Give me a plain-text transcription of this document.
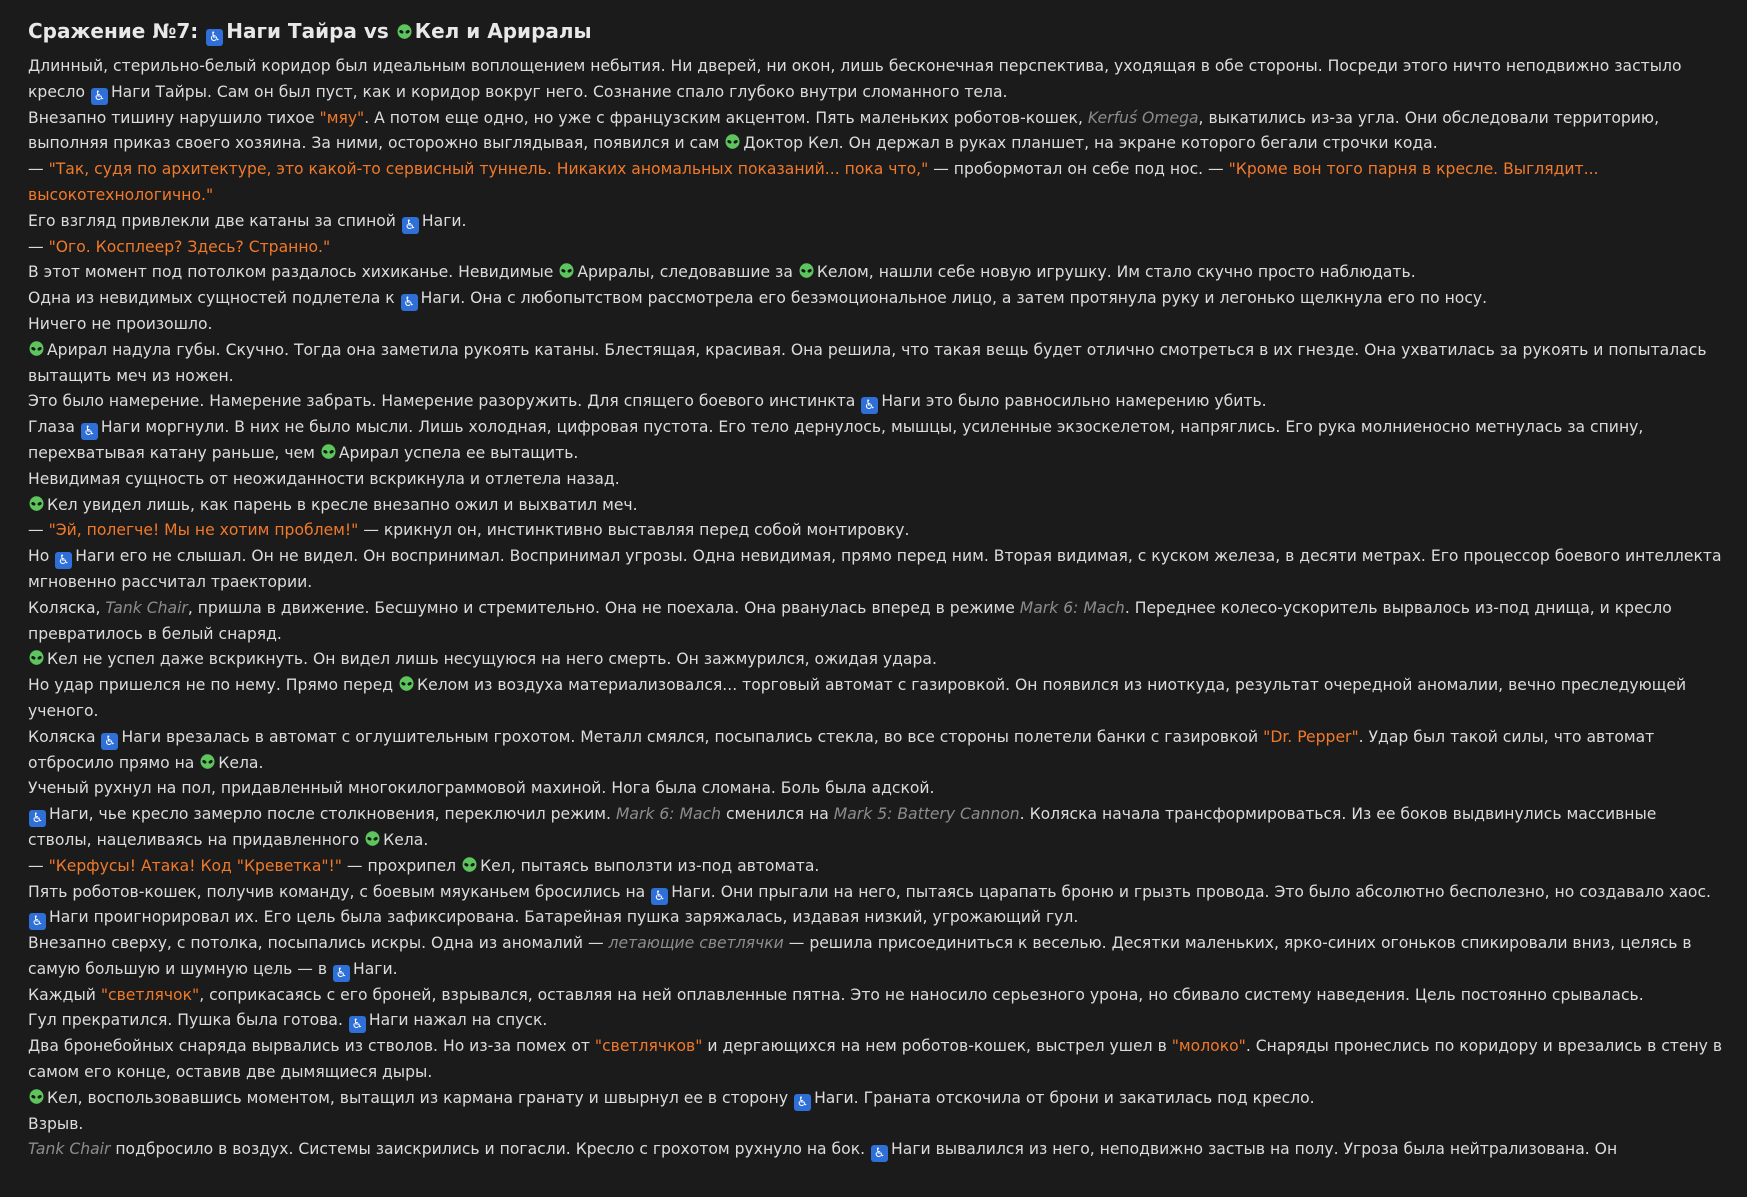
Сражение №7: ♿ Наги Тайра vs
Кел и Ариралы

Длинный, стерильно-белый коридор был идеальным воплощением небытия. Ни дверей, ни окон, лишь бесконечная перспектива, уходящая в обе стороны. Посреди этого ничто неподвижно застыло кресло ♿ Наги Тайры. Сам он был пуст, как и коридор вокруг него. Сознание спало глубоко внутри сломанного тела.

Внезапно тишину нарушило тихое "мяу". А потом еще одно, но уже с французским акцентом. Пять маленьких роботов-кошек, Kerfuś Omega, выкатились из-за угла. Они обследовали территорию, выполняя приказ своего хозяина. За ними, осторожно выглядывая, появился и сам
Доктор Кел. Он держал в руках планшет, на экране которого бегали строчки кода.

— "Так, судя по архитектуре, это какой-то сервисный туннель. Никаких аномальных показаний... пока что," — пробормотал он себе под нос. — "Кроме вон того парня в кресле. Выглядит... высокотехнологично."

Его взгляд привлекли две катаны за спиной ♿ Наги.

— "Ого. Косплеер? Здесь? Странно."

В этот момент под потолком раздалось хихиканье. Невидимые
Ариралы, следовавшие за
Келом, нашли себе новую игрушку. Им стало скучно просто наблюдать.

Одна из невидимых сущностей подлетела к ♿ Наги. Она с любопытством рассмотрела его безэмоциональное лицо, а затем протянула руку и легонько щелкнула его по носу.

Ничего не произошло.

Арирал надула губы. Скучно. Тогда она заметила рукоять катаны. Блестящая, красивая. Она решила, что такая вещь будет отлично смотреться в их гнезде. Она ухватилась за рукоять и попыталась вытащить меч из ножен.

Это было намерение. Намерение забрать. Намерение разоружить. Для спящего боевого инстинкта ♿ Наги это было равносильно намерению убить.

Глаза ♿ Наги моргнули. В них не было мысли. Лишь холодная, цифровая пустота. Его тело дернулось, мышцы, усиленные экзоскелетом, напряглись. Его рука молниеносно метнулась за спину, перехватывая катану раньше, чем
Арирал успела ее вытащить.

Невидимая сущность от неожиданности вскрикнула и отлетела назад.

Кел увидел лишь, как парень в кресле внезапно ожил и выхватил меч.

— "Эй, полегче! Мы не хотим проблем!" — крикнул он, инстинктивно выставляя перед собой монтировку.

Но ♿ Наги его не слышал. Он не видел. Он воспринимал. Воспринимал угрозы. Одна невидимая, прямо перед ним. Вторая видимая, с куском железа, в десяти метрах. Его процессор боевого интеллекта мгновенно рассчитал траектории.

Коляска, Tank Chair, пришла в движение. Бесшумно и стремительно. Она не поехала. Она рванулась вперед в режиме Mark 6: Mach. Переднее колесо-ускоритель вырвалось из-под днища, и кресло превратилось в белый снаряд.

Кел не успел даже вскрикнуть. Он видел лишь несущуюся на него смерть. Он зажмурился, ожидая удара.

Но удар пришелся не по нему. Прямо перед
Келом из воздуха материализовался... торговый автомат с газировкой. Он появился из ниоткуда, результат очередной аномалии, вечно преследующей ученого.

Коляска ♿ Наги врезалась в автомат с оглушительным грохотом. Металл смялся, посыпались стекла, во все стороны полетели банки с газировкой "Dr. Pepper". Удар был такой силы, что автомат отбросило прямо на
Кела.

Ученый рухнул на пол, придавленный многокилограммовой махиной. Нога была сломана. Боль была адской.

♿ Наги, чье кресло замерло после столкновения, переключил режим. Mark 6: Mach сменился на Mark 5: Battery Cannon. Коляска начала трансформироваться. Из ее боков выдвинулись массивные стволы, нацеливаясь на придавленного
Кела.

— "Керфусы! Атака! Код "Креветка"!" — прохрипел
Кел, пытаясь выползти из-под автомата.

Пять роботов-кошек, получив команду, с боевым мяуканьем бросились на ♿ Наги. Они прыгали на него, пытаясь царапать броню и грызть провода. Это было абсолютно бесполезно, но создавало хаос.

♿ Наги проигнорировал их. Его цель была зафиксирована. Батарейная пушка заряжалась, издавая низкий, угрожающий гул.

Внезапно сверху, с потолка, посыпались искры. Одна из аномалий — летающие светлячки — решила присоединиться к веселью. Десятки маленьких, ярко-синих огоньков спикировали вниз, целясь в самую большую и шумную цель — в ♿ Наги.

Каждый "светлячок", соприкасаясь с его броней, взрывался, оставляя на ней оплавленные пятна. Это не наносило серьезного урона, но сбивало систему наведения. Цель постоянно срывалась.

Гул прекратился. Пушка была готова. ♿ Наги нажал на спуск.

Два бронебойных снаряда вырвались из стволов. Но из-за помех от "светлячков" и дергающихся на нем роботов-кошек, выстрел ушел в "молоко". Снаряды пронеслись по коридору и врезались в стену в самом его конце, оставив две дымящиеся дыры.

Кел, воспользовавшись моментом, вытащил из кармана гранату и швырнул ее в сторону ♿ Наги. Граната отскочила от брони и закатилась под кресло.

Взрыв.

Tank Chair подбросило в воздух. Системы заискрились и погасли. Кресло с грохотом рухнуло на бок. ♿ Наги вывалился из него, неподвижно застыв на полу. Угроза была нейтрализована. Он
